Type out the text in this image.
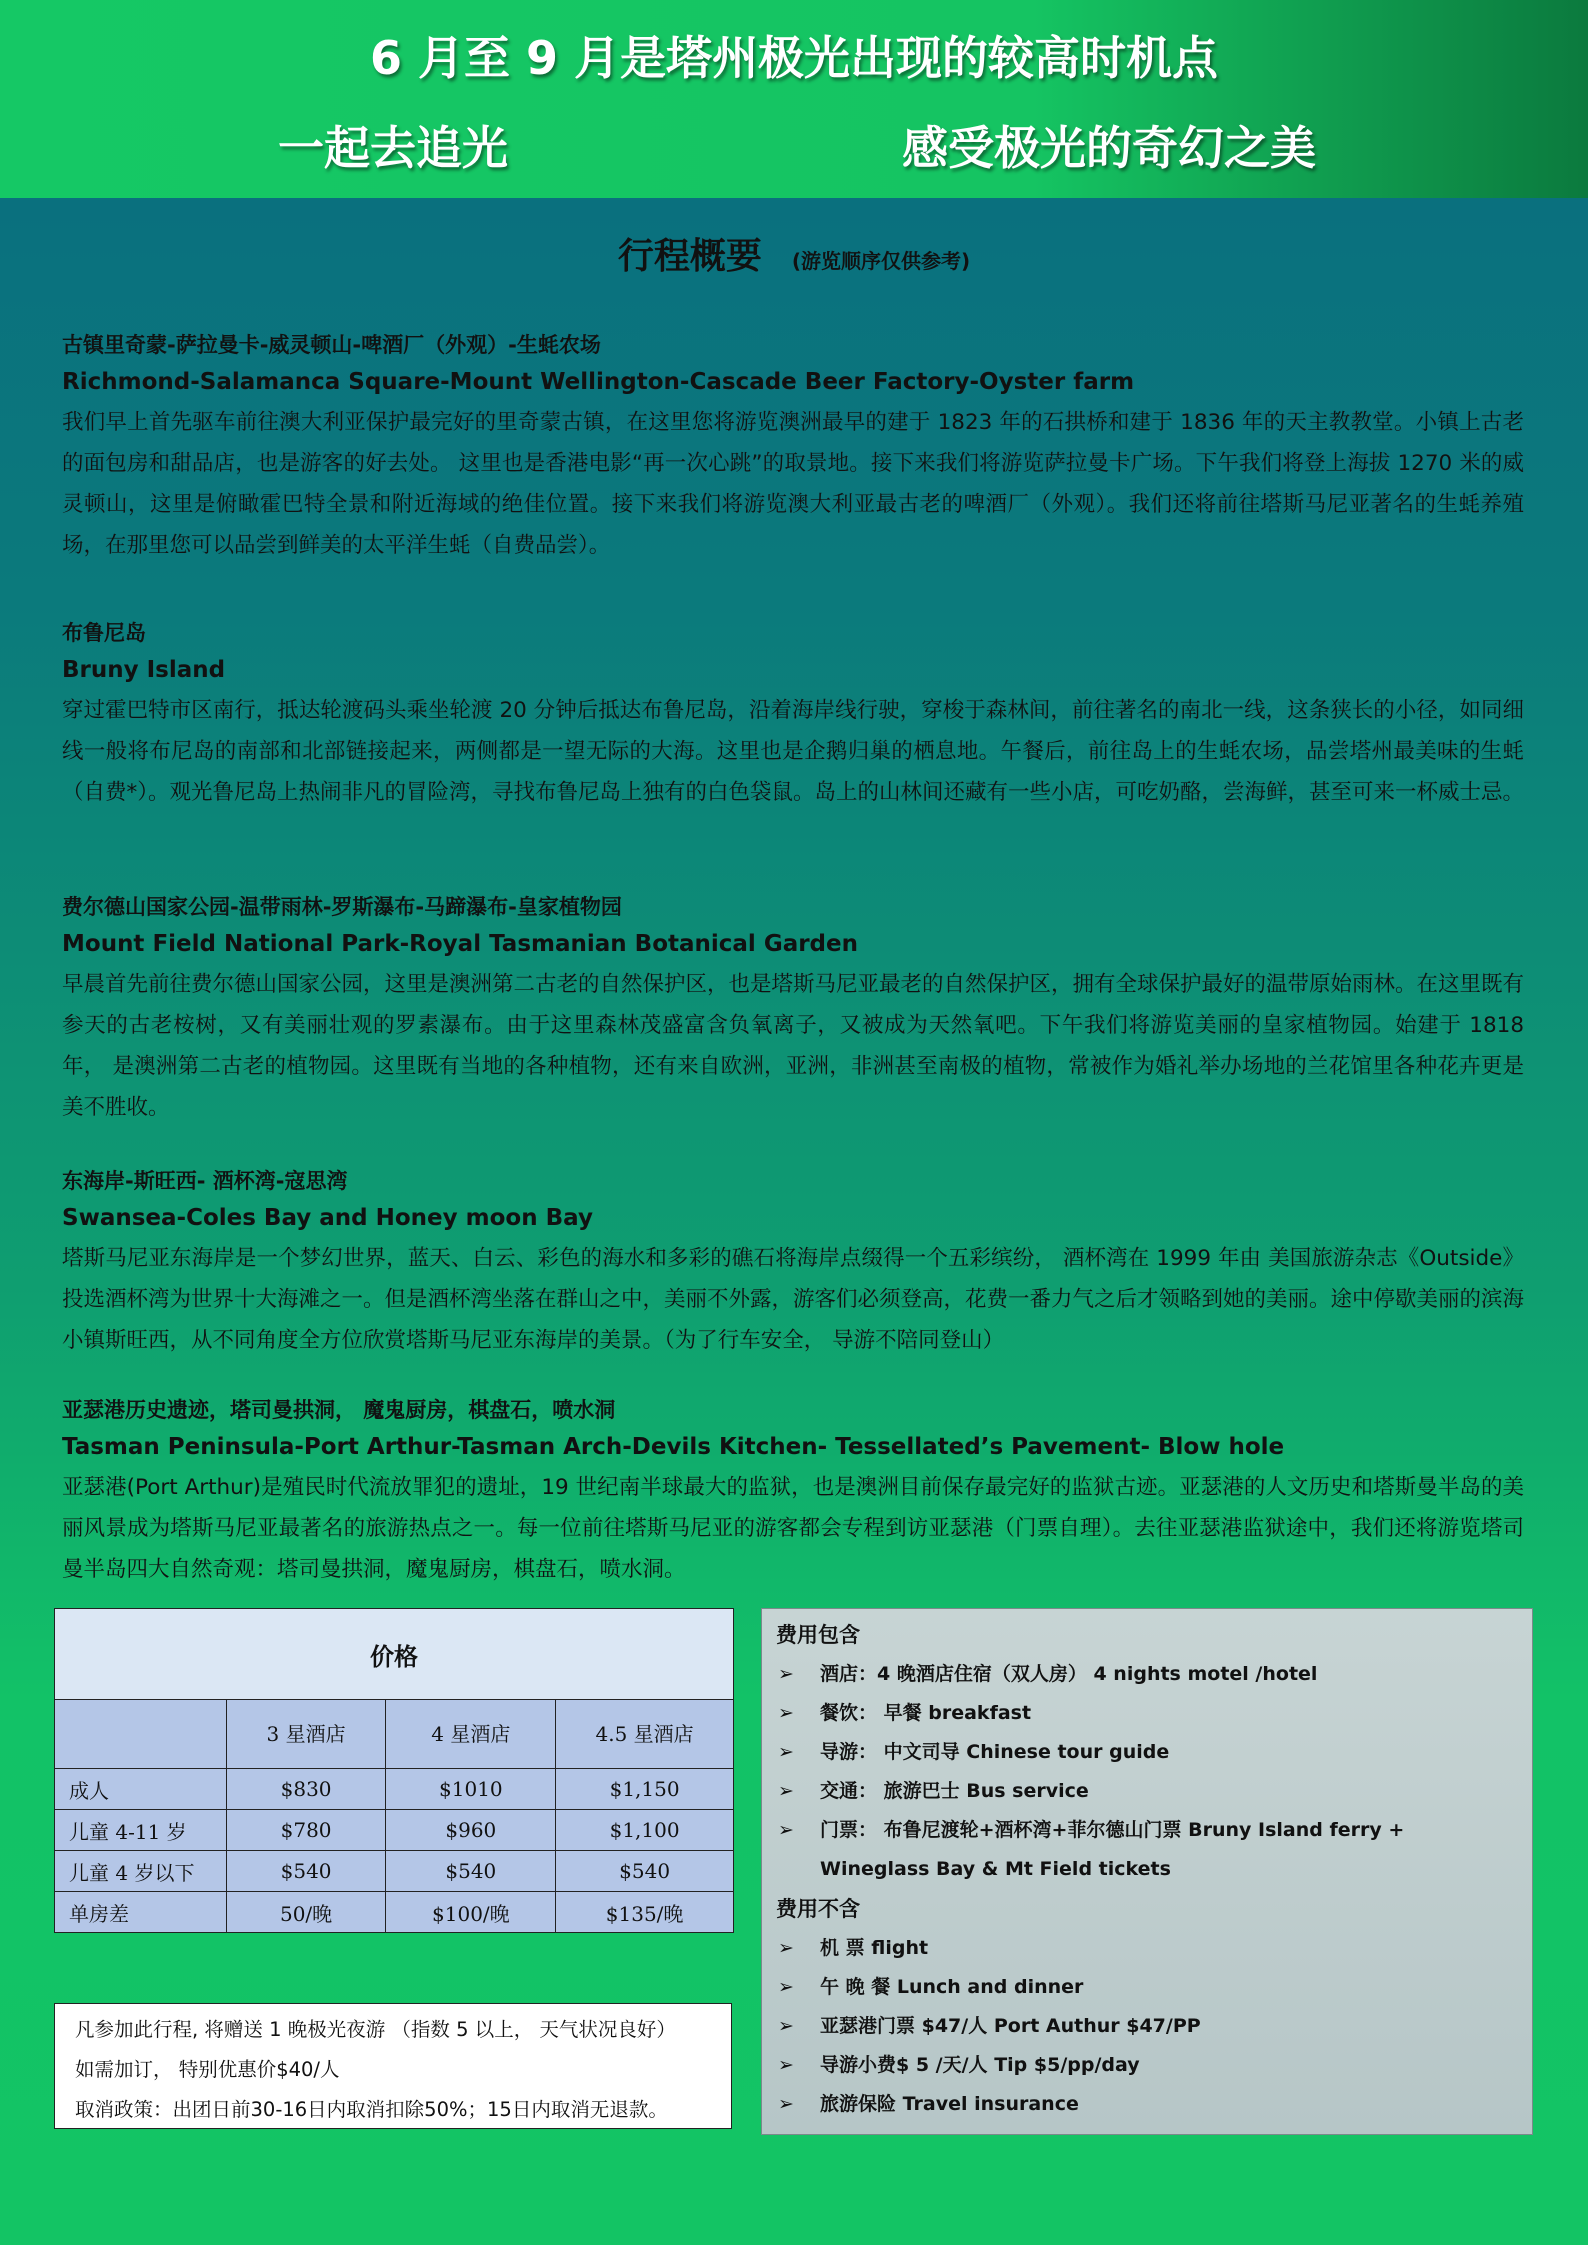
6 月至 9 月是塔州极光出现的较高时机点
一起去追光	感受极光的奇幻之美
行程概要 (游览顺序仅供参考)
古镇里奇蒙-萨拉曼卡-威灵顿山-啤酒厂（外观）-生蚝农场
Richmond-Salamanca Square-Mount Wellington-Cascade Beer Factory-Oyster farm
我们早上首先驱车前往澳大利亚保护最完好的里奇蒙古镇，在这里您将游览澳洲最早的建于 1823 年的石拱桥和建于 1836 年的天主教教堂。小镇上古老的面包房和甜品店，也是游客的好去处。 这里也是香港电影“再一次心跳”的取景地。接下来我们将游览萨拉曼卡广场。下午我们将登上海拔 1270 米的威灵顿山，这里是俯瞰霍巴特全景和附近海域的绝佳位置。接下来我们将游览澳大利亚最古老的啤酒厂（外观）。我们还将前往塔斯马尼亚著名的生蚝养殖场，在那里您可以品尝到鲜美的太平洋生蚝（自费品尝）。
布鲁尼岛
Bruny Island
穿过霍巴特市区南行，抵达轮渡码头乘坐轮渡 20 分钟后抵达布鲁尼岛，沿着海岸线行驶，穿梭于森林间，前往著名的南北一线，这条狭长的小径，如同细线一般将布尼岛的南部和北部链接起来，两侧都是一望无际的大海。这里也是企鹅归巢的栖息地。午餐后，前往岛上的生蚝农场，品尝塔州最美味的生蚝（自费*）。观光鲁尼岛上热闹非凡的冒险湾，寻找布鲁尼岛上独有的白色袋鼠。岛上的山林间还藏有一些小店，可吃奶酪，尝海鲜，甚至可来一杯威士忌。
费尔德山国家公园-温带雨林-罗斯瀑布-马蹄瀑布-皇家植物园
Mount Field National Park-Royal Tasmanian Botanical Garden
早晨首先前往费尔德山国家公园，这里是澳洲第二古老的自然保护区，也是塔斯马尼亚最老的自然保护区，拥有全球保护最好的温带原始雨林。在这里既有参天的古老桉树，又有美丽壮观的罗素瀑布。由于这里森林茂盛富含负氧离子，又被成为天然氧吧。下午我们将游览美丽的皇家植物园。始建于 1818 年， 是澳洲第二古老的植物园。这里既有当地的各种植物，还有来自欧洲，亚洲，非洲甚至南极的植物，常被作为婚礼举办场地的兰花馆里各种花卉更是美不胜收。
东海岸-斯旺西- 酒杯湾-寇思湾
Swansea-Coles Bay and Honey moon Bay
塔斯马尼亚东海岸是一个梦幻世界，蓝天、白云、彩色的海水和多彩的礁石将海岸点缀得一个五彩缤纷， 酒杯湾在 1999 年由 美国旅游杂志《Outside》投选酒杯湾为世界十大海滩之一。但是酒杯湾坐落在群山之中，美丽不外露，游客们必须登高，花费一番力气之后才领略到她的美丽。途中停歇美丽的滨海小镇斯旺西，从不同角度全方位欣赏塔斯马尼亚东海岸的美景。（为了行车安全， 导游不陪同登山）
亚瑟港历史遗迹，塔司曼拱洞， 魔鬼厨房，棋盘石，喷水洞
Tasman Peninsula-Port Arthur-Tasman Arch-Devils Kitchen- Tessellated’s Pavement- Blow hole
亚瑟港(Port Arthur)是殖民时代流放罪犯的遗址，19 世纪南半球最大的监狱，也是澳洲目前保存最完好的监狱古迹。亚瑟港的人文历史和塔斯曼半岛的美丽风景成为塔斯马尼亚最著名的旅游热点之一。每一位前往塔斯马尼亚的游客都会专程到访亚瑟港（门票自理）。去往亚瑟港监狱途中，我们还将游览塔司曼半岛四大自然奇观：塔司曼拱洞，魔鬼厨房，棋盘石，喷水洞。
价格			
	3 星酒店	4 星酒店	4.5 星酒店
成人	$830	$1010	$1,150
儿童 4-11 岁	$780	$960	$1,100
儿童 4 岁以下	$540	$540	$540
单房差	50/晚	$100/晚	$135/晚
凡参加此行程, 将赠送 1 晚极光夜游 （指数 5 以上， 天气状况良好）
如需加订， 特别优惠价$40/人
取消政策：出团日前30-16日内取消扣除50%；15日内取消无退款。
费用包含
➢ 酒店：4 晚酒店住宿（双人房） 4 nights motel /hotel
➢ 餐饮： 早餐 breakfast
➢ 导游： 中文司导 Chinese tour guide
➢ 交通： 旅游巴士 Bus service
➢ 门票： 布鲁尼渡轮+酒杯湾+菲尔德山门票 Bruny Island ferry +
Wineglass Bay & Mt Field tickets
费用不含
➢ 机 票 flight
➢ 午 晚 餐 Lunch and dinner
➢ 亚瑟港门票 $47/人 Port Authur $47/PP
➢ 导游小费$ 5 /天/人 Tip $5/pp/day
➢ 旅游保险 Travel insurance
